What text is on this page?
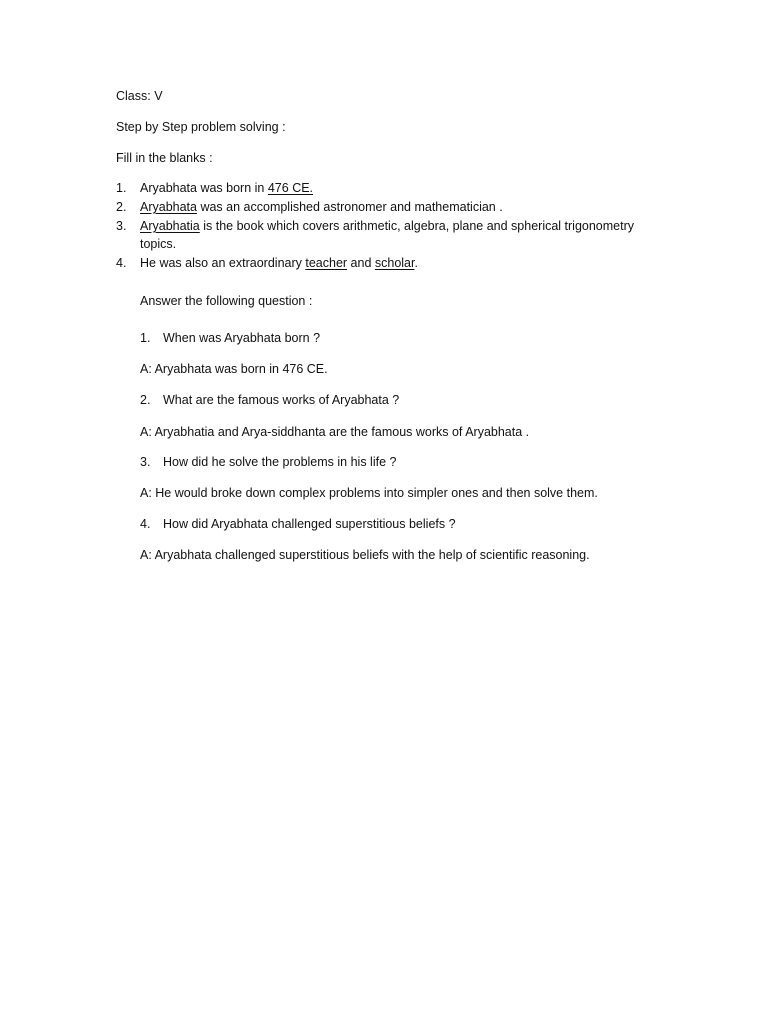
Class: V
Step by Step problem solving :
Fill in the blanks :
1. Aryabhata was born in 476 CE.
2. Aryabhata was an accomplished astronomer and mathematician .
3. Aryabhatia is the book which covers arithmetic, algebra, plane and spherical trigonometry
topics.
4. He was also an extraordinary teacher and scholar.
Answer the following question :
1. When was Aryabhata born ?
A: Aryabhata was born in 476 CE.
2. What are the famous works of Aryabhata ?
A: Aryabhatia and Arya-siddhanta are the famous works of Aryabhata .
3. How did he solve the problems in his life ?
A: He would broke down complex problems into simpler ones and then solve them.
4. How did Aryabhata challenged superstitious beliefs ?
A: Aryabhata challenged superstitious beliefs with the help of scientific reasoning.
